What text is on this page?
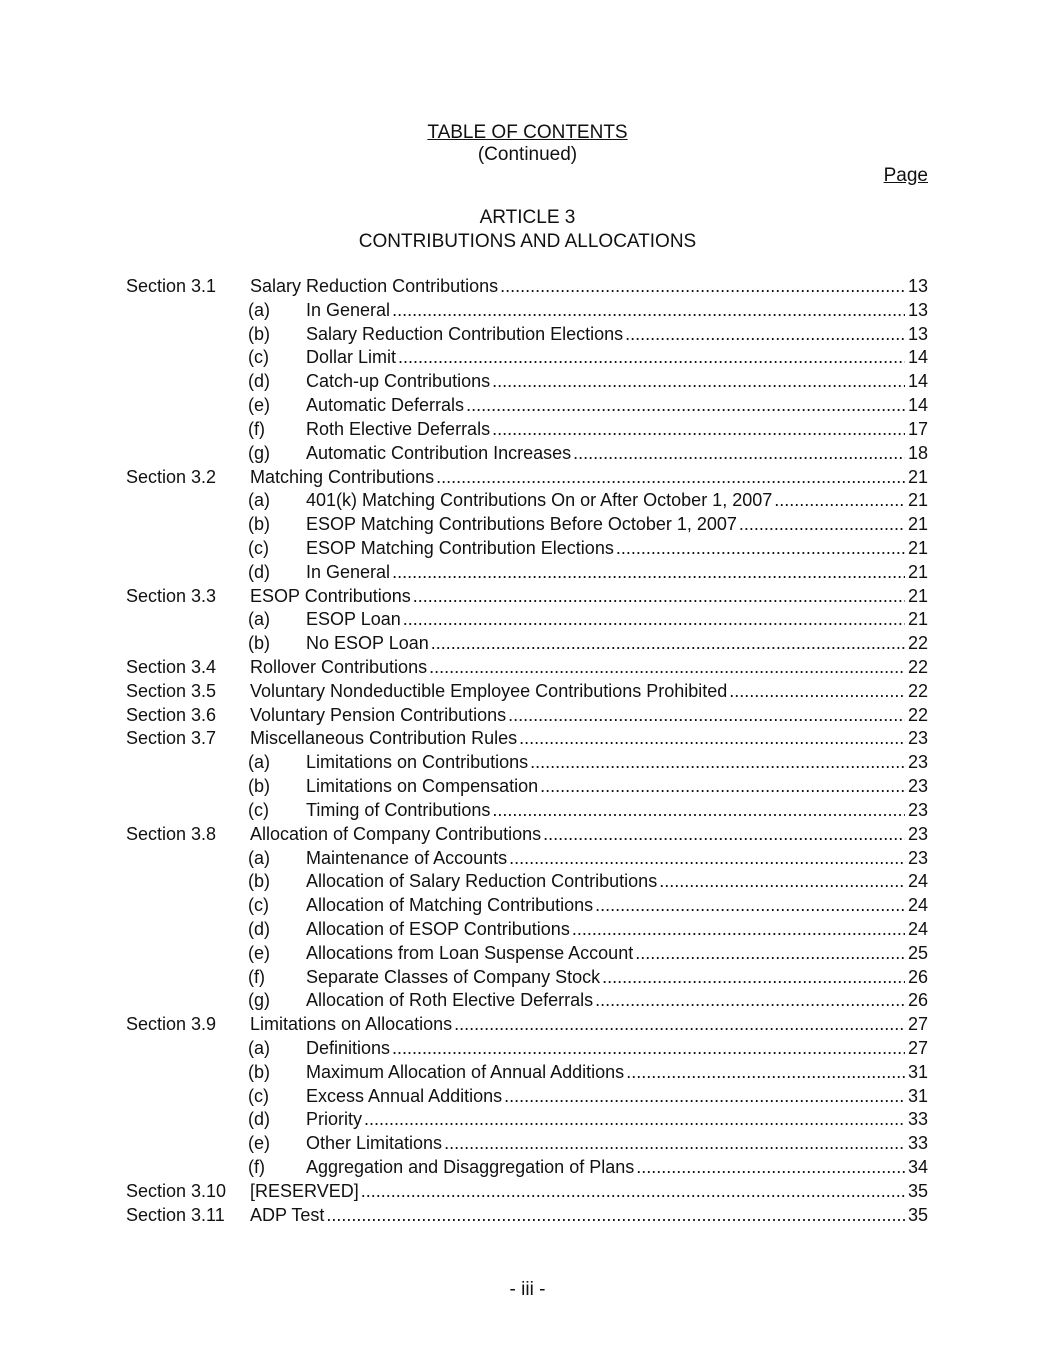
TABLE OF CONTENTS
(Continued)
Page
ARTICLE 3
CONTRIBUTIONS AND ALLOCATIONS
Section 3.1 Salary Reduction Contributions .....	13
(a) In General .....	13
(b) Salary Reduction Contribution Elections .....	13
(c) Dollar Limit .....	14
(d) Catch-up Contributions .....	14
(e) Automatic Deferrals .....	14
(f) Roth Elective Deferrals .....	17
(g) Automatic Contribution Increases .....	18
Section 3.2 Matching Contributions .....	21
(a) 401(k) Matching Contributions On or After October 1, 2007 .....	21
(b) ESOP Matching Contributions Before October 1, 2007 .....	21
(c) ESOP Matching Contribution Elections .....	21
(d) In General .....	21
Section 3.3 ESOP Contributions .....	21
(a) ESOP Loan .....	21
(b) No ESOP Loan .....	22
Section 3.4 Rollover Contributions .....	22
Section 3.5 Voluntary Nondeductible Employee Contributions Prohibited .....	22
Section 3.6 Voluntary Pension Contributions .....	22
Section 3.7 Miscellaneous Contribution Rules .....	23
(a) Limitations on Contributions .....	23
(b) Limitations on Compensation .....	23
(c) Timing of Contributions .....	23
Section 3.8 Allocation of Company Contributions .....	23
(a) Maintenance of Accounts .....	23
(b) Allocation of Salary Reduction Contributions .....	24
(c) Allocation of Matching Contributions .....	24
(d) Allocation of ESOP Contributions .....	24
(e) Allocations from Loan Suspense Account .....	25
(f) Separate Classes of Company Stock .....	26
(g) Allocation of Roth Elective Deferrals .....	26
Section 3.9 Limitations on Allocations .....	27
(a) Definitions .....	27
(b) Maximum Allocation of Annual Additions .....	31
(c) Excess Annual Additions .....	31
(d) Priority .....	33
(e) Other Limitations .....	33
(f) Aggregation and Disaggregation of Plans .....	34
Section 3.10 [RESERVED] .....	35
Section 3.11 ADP Test .....	35
- iii -
